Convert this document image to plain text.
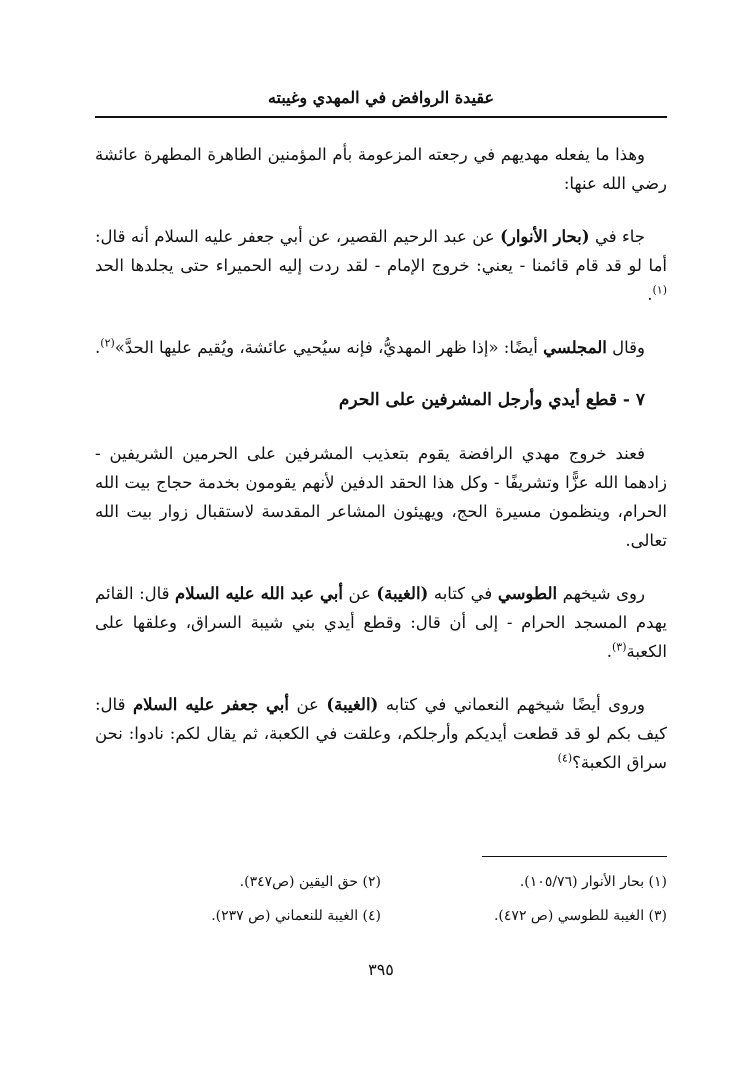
عقيدة الروافض في المهدي وغيبته

وهذا ما يفعله مهديهم في رجعته المزعومة بأم المؤمنين الطاهرة المطهرة عائشة رضي الله عنها:

جاء في (بحار الأنوار) عن عبد الرحيم القصير، عن أبي جعفر عليه السلام أنه قال: أما لو قد قام قائمنا - يعني: خروج الإمام - لقد ردت إليه الحميراء حتى يجلدها الحد $^{(١)}$.

وقال المجلسي أيضًا: «إذا ظهر المهديُّ، فإنه سيُحيي عائشة، ويُقيم عليها الحدَّ»$^{(٢)}$.

٧ - قطع أيدي وأرجل المشرفين على الحرم

فعند خروج مهدي الرافضة يقوم بتعذيب المشرفين على الحرمين الشريفين - زادهما الله عزًّا وتشريفًا - وكل هذا الحقد الدفين لأنهم يقومون بخدمة حجاج بيت الله الحرام، وينظمون مسيرة الحج، ويهيئون المشاعر المقدسة لاستقبال زوار بيت الله تعالى.

روى شيخهم الطوسي في كتابه (الغيبة) عن أبي عبد الله عليه السلام قال: القائم يهدم المسجد الحرام - إلى أن قال: وقطع أيدي بني شيبة السراق، وعلقها على الكعبة$^{(٣)}$.

وروى أيضًا شيخهم النعماني في كتابه (الغيبة) عن أبي جعفر عليه السلام قال: كيف بكم لو قد قطعت أيديكم وأرجلكم، وعلقت في الكعبة، ثم يقال لكم: نادوا: نحن سراق الكعبة؟$^{(٤)}$

(١) بحار الأنوار (١٠٥/٧٦).
(٢) حق اليقين (ص٣٤٧).
(٣) الغيبة للطوسي (ص ٤٧٢).
(٤) الغيبة للنعماني (ص ٢٣٧).
٣٩٥
